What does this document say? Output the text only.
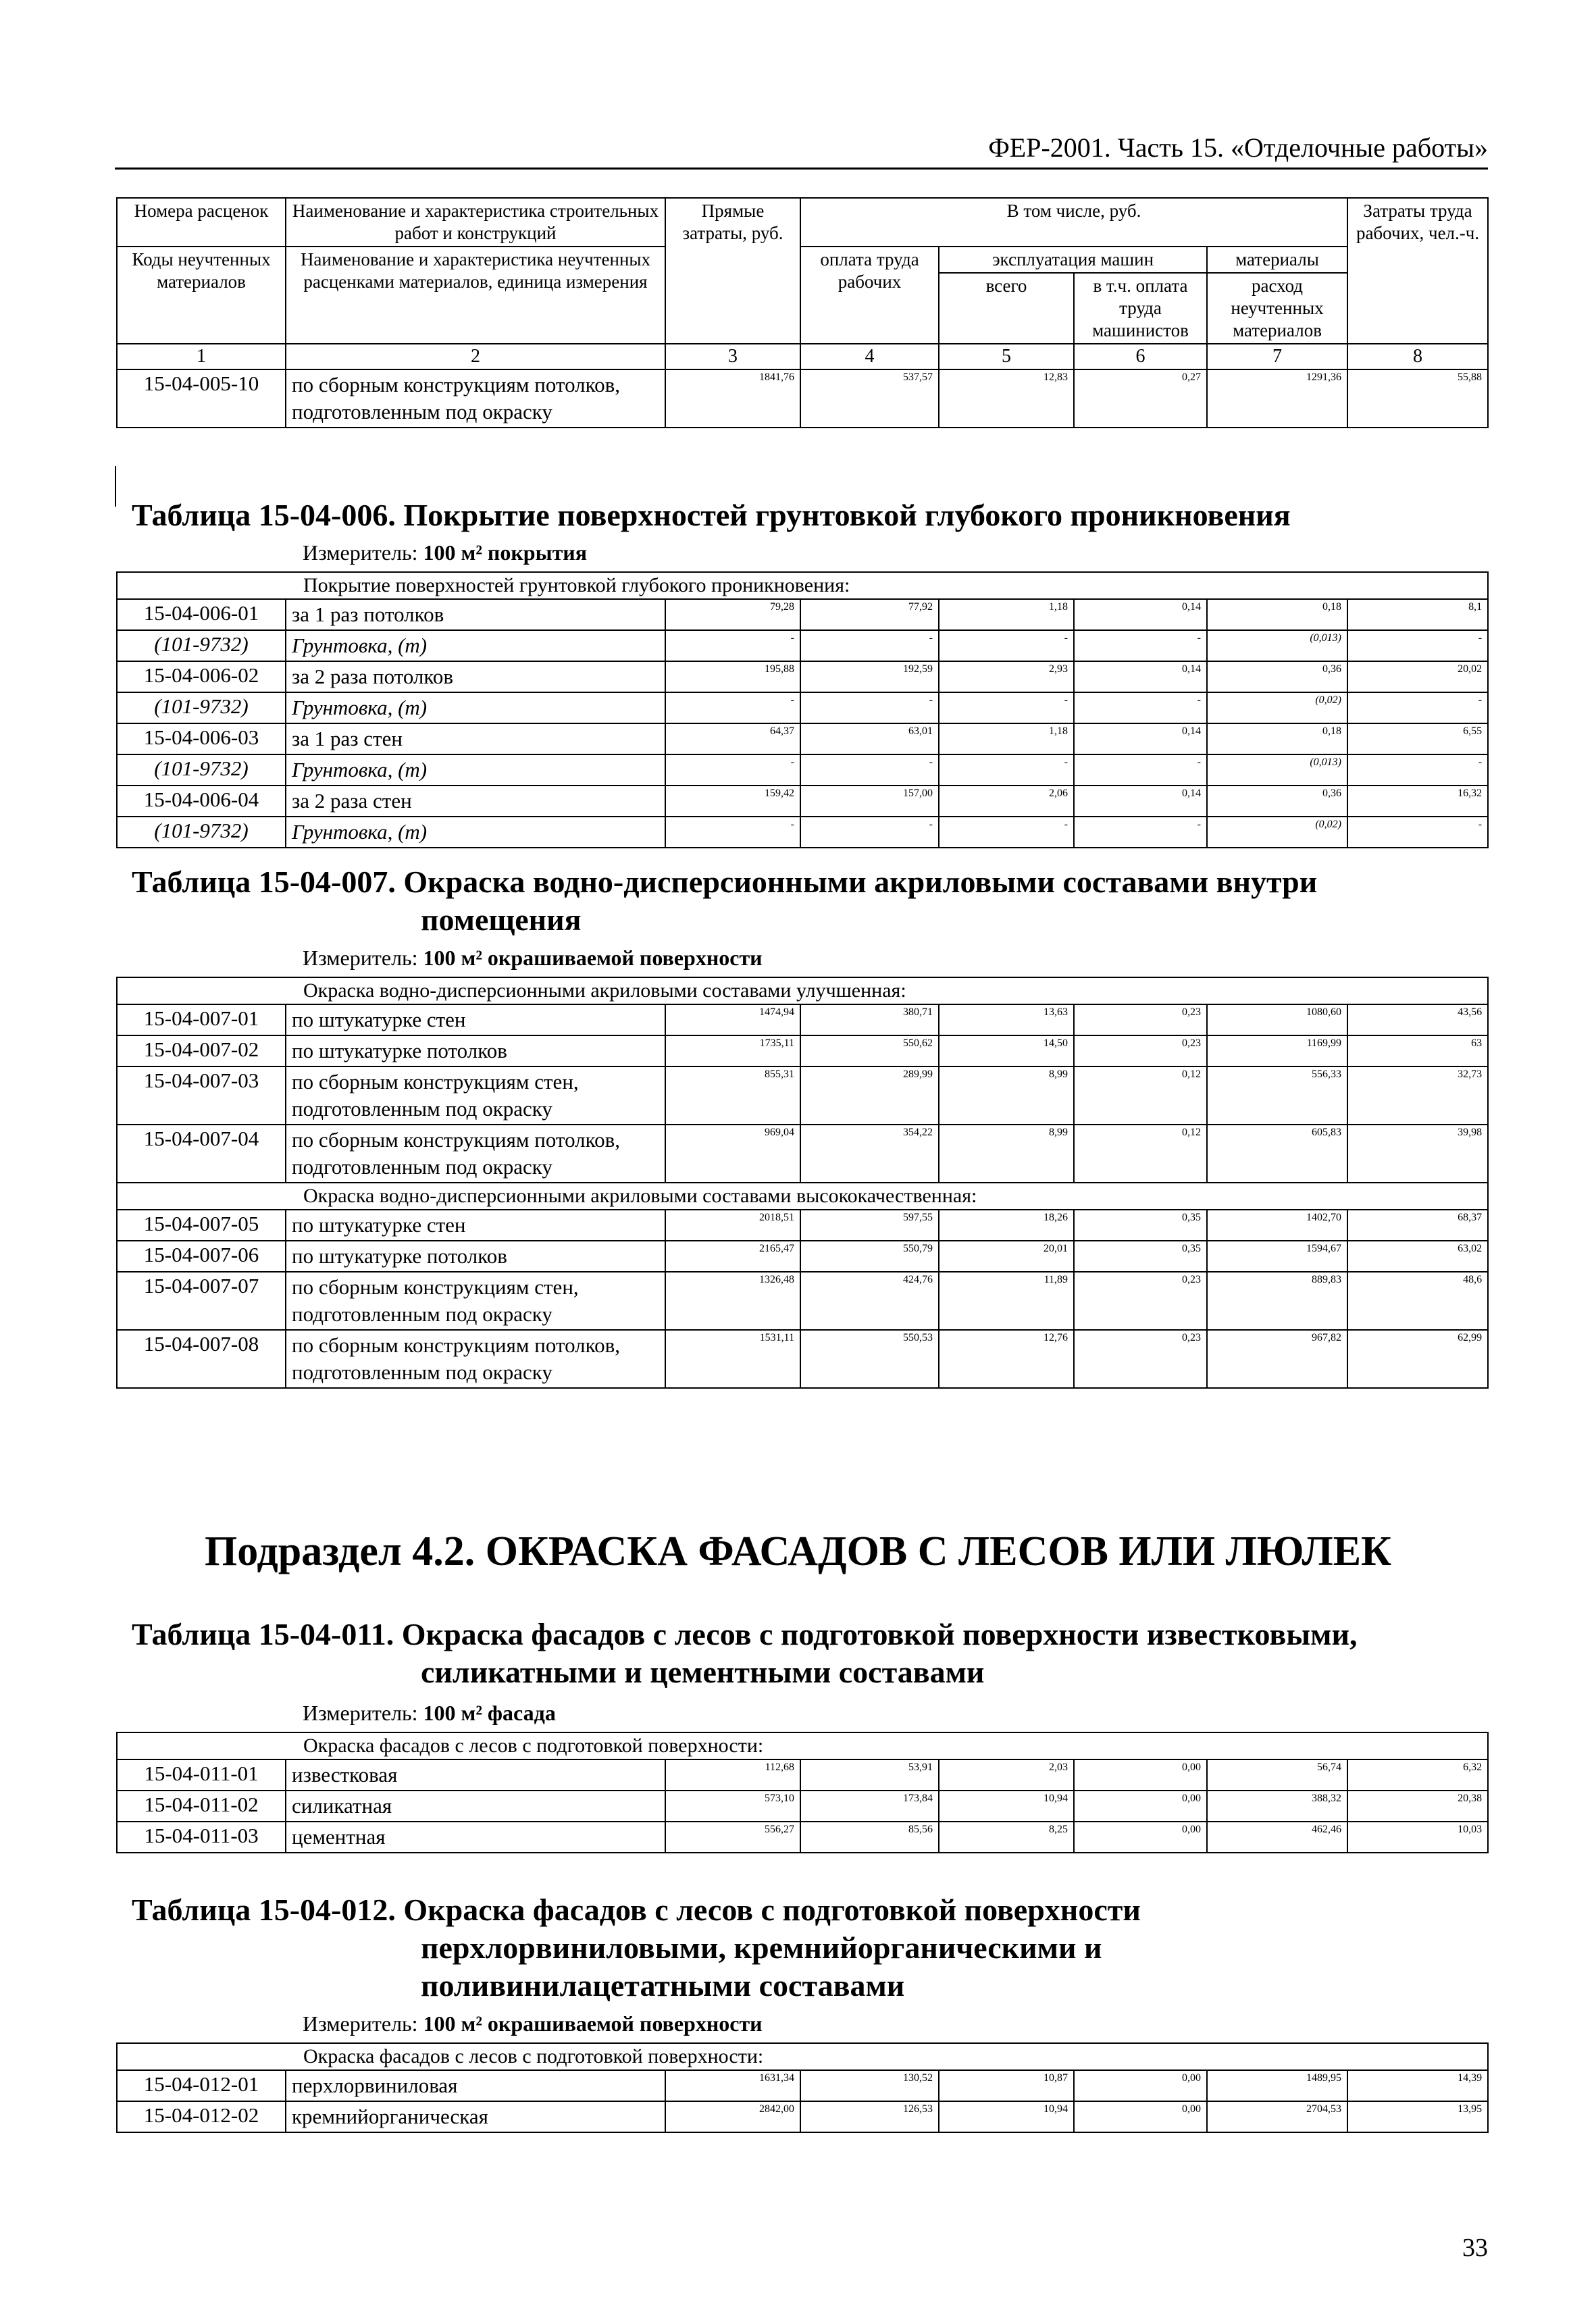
ФЕР-2001. Часть 15. «Отделочные работы»
Номера расценок	Наименование и характеристика строительных работ и конструкций	Прямые затраты, руб.	В том числе, руб.				Затраты труда рабочих, чел.-ч.
Коды неучтенных материалов	Наименование и характеристика неучтенных расценками материалов, единица измерения		оплата труда рабочих	эксплуатация машин		материалы	
				всего	в т.ч. оплата труда машинистов	расход неучтенных материалов	
1	2	3	4	5	6	7	8
15-04-005-10	по сборным конструкциям потолков, подготовленным под окраску	1841,76	537,57	12,83	0,27	1291,36	55,88
Таблица 15-04-006. Покрытие поверхностей грунтовкой глубокого проникновения
Измеритель: 100 м² покрытия
Покрытие поверхностей грунтовкой глубокого проникновения:							
15-04-006-01	за 1 раз потолков	79,28	77,92	1,18	0,14	0,18	8,1
(101-9732)	Грунтовка, (т)	-	-	-	-	(0,013)	-
15-04-006-02	за 2 раза потолков	195,88	192,59	2,93	0,14	0,36	20,02
(101-9732)	Грунтовка, (т)	-	-	-	-	(0,02)	-
15-04-006-03	за 1 раз стен	64,37	63,01	1,18	0,14	0,18	6,55
(101-9732)	Грунтовка, (т)	-	-	-	-	(0,013)	-
15-04-006-04	за 2 раза стен	159,42	157,00	2,06	0,14	0,36	16,32
(101-9732)	Грунтовка, (т)	-	-	-	-	(0,02)	-
Таблица 15-04-007. Окраска водно-дисперсионными акриловыми составами внутри
помещения
Измеритель: 100 м² окрашиваемой поверхности
Окраска водно-дисперсионными акриловыми составами улучшенная:							
15-04-007-01	по штукатурке стен	1474,94	380,71	13,63	0,23	1080,60	43,56
15-04-007-02	по штукатурке потолков	1735,11	550,62	14,50	0,23	1169,99	63
15-04-007-03	по сборным конструкциям стен, подготовленным под окраску	855,31	289,99	8,99	0,12	556,33	32,73
15-04-007-04	по сборным конструкциям потолков, подготовленным под окраску	969,04	354,22	8,99	0,12	605,83	39,98
Окраска водно-дисперсионными акриловыми составами высококачественная:							
15-04-007-05	по штукатурке стен	2018,51	597,55	18,26	0,35	1402,70	68,37
15-04-007-06	по штукатурке потолков	2165,47	550,79	20,01	0,35	1594,67	63,02
15-04-007-07	по сборным конструкциям стен, подготовленным под окраску	1326,48	424,76	11,89	0,23	889,83	48,6
15-04-007-08	по сборным конструкциям потолков, подготовленным под окраску	1531,11	550,53	12,76	0,23	967,82	62,99
Подраздел 4.2. ОКРАСКА ФАСАДОВ С ЛЕСОВ ИЛИ ЛЮЛЕК
Таблица 15-04-011. Окраска фасадов с лесов с подготовкой поверхности известковыми,
силикатными и цементными составами
Измеритель: 100 м² фасада
Окраска фасадов с лесов с подготовкой поверхности:							
15-04-011-01	известковая	112,68	53,91	2,03	0,00	56,74	6,32
15-04-011-02	силикатная	573,10	173,84	10,94	0,00	388,32	20,38
15-04-011-03	цементная	556,27	85,56	8,25	0,00	462,46	10,03
Таблица 15-04-012. Окраска фасадов с лесов с подготовкой поверхности
перхлорвиниловыми, кремнийорганическими и
поливинилацетатными составами
Измеритель: 100 м² окрашиваемой поверхности
Окраска фасадов с лесов с подготовкой поверхности:							
15-04-012-01	перхлорвиниловая	1631,34	130,52	10,87	0,00	1489,95	14,39
15-04-012-02	кремнийорганическая	2842,00	126,53	10,94	0,00	2704,53	13,95
33
